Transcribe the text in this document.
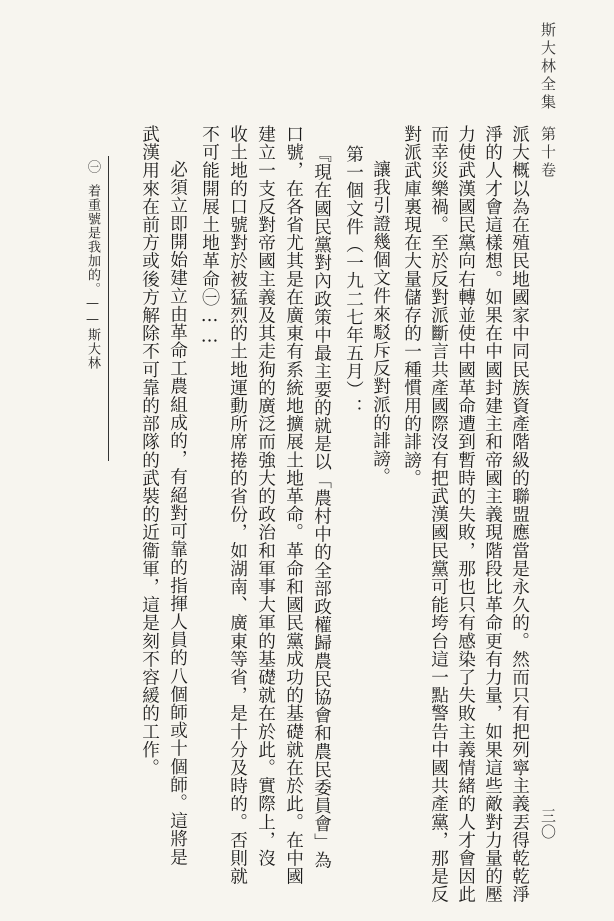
斯大林全集第十卷
三〇
派大概以為在殖民地國家中同民族資產階級的聯盟應當是永久的。然而只有把列寧主義丟得乾乾淨
淨的人才會這樣想。如果在中國封建主和帝國主義現階段比革命更有力量，如果這些敵對力量的壓
力使武漢國民黨向右轉並使中國革命遭到暫時的失敗，那也只有感染了失敗主義情緒的人才會因此
而幸災樂禍。至於反對派斷言共產國際沒有把武漢國民黨可能垮台這一點警告中國共產黨，那是反
對派武庫裏現在大量儲存的一種慣用的誹謗。
讓我引證幾個文件來駁斥反對派的誹謗。
第一個文件（一九二七年五月）：
『現在國民黨對內政策中最主要的就是以「農村中的全部政權歸農民協會和農民委員會」為
口號，在各省尤其是在廣東有系統地擴展土地革命。革命和國民黨成功的基礎就在於此。在中國
建立一支反對帝國主義及其走狗的廣泛而強大的政治和軍事大軍的基礎就在於此。實際上，沒
收土地的口號對於被猛烈的土地運動所席捲的省份，如湖南、廣東等省，是十分及時的。否則就
不可能開展土地革命㊀……
必須立即開始建立由革命工農組成的，有絕對可靠的指揮人員的八個師或十個師。這將是
武漢用來在前方或後方解除不可靠的部隊的武裝的近衞軍，這是刻不容緩的工作。
㊀着重號是我加的。——斯大林
